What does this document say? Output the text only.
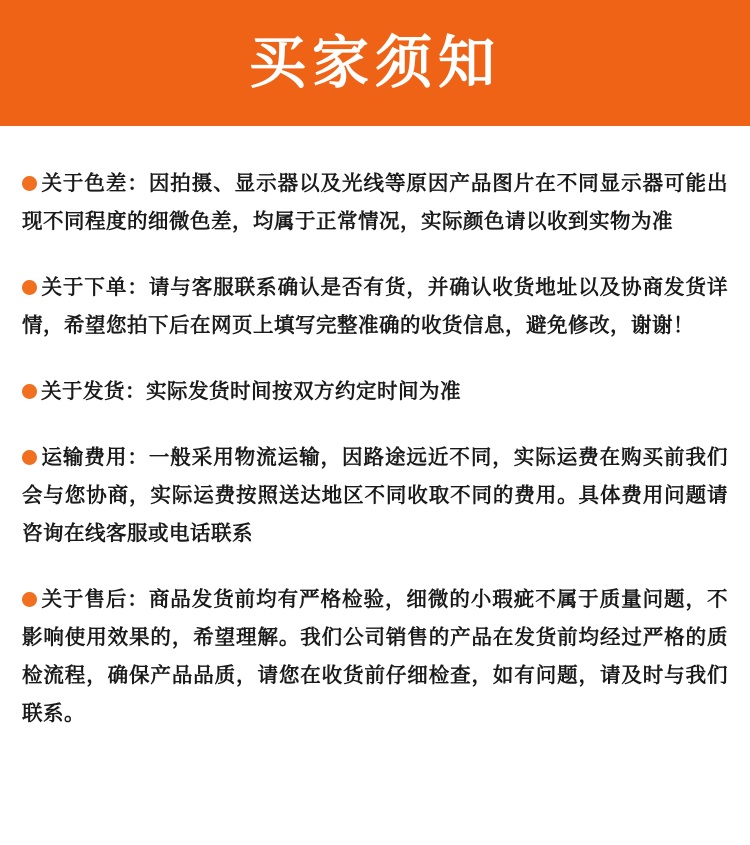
买家须知

关于色差：因拍摄、显示器以及光线等原因产品图片在不同显示器可能出现不同程度的细微色差，均属于正常情况，实际颜色请以收到实物为准

关于下单：请与客服联系确认是否有货，并确认收货地址以及协商发货详情，希望您拍下后在网页上填写完整准确的收货信息，避免修改，谢谢！

关于发货：实际发货时间按双方约定时间为准

运输费用：一般采用物流运输，因路途远近不同，实际运费在购买前我们会与您协商，实际运费按照送达地区不同收取不同的费用。具体费用问题请咨询在线客服或电话联系

关于售后：商品发货前均有严格检验，细微的小瑕疵不属于质量问题，不影响使用效果的，希望理解。我们公司销售的产品在发货前均经过严格的质检流程，确保产品品质，请您在收货前仔细检查，如有问题，请及时与我们联系。
